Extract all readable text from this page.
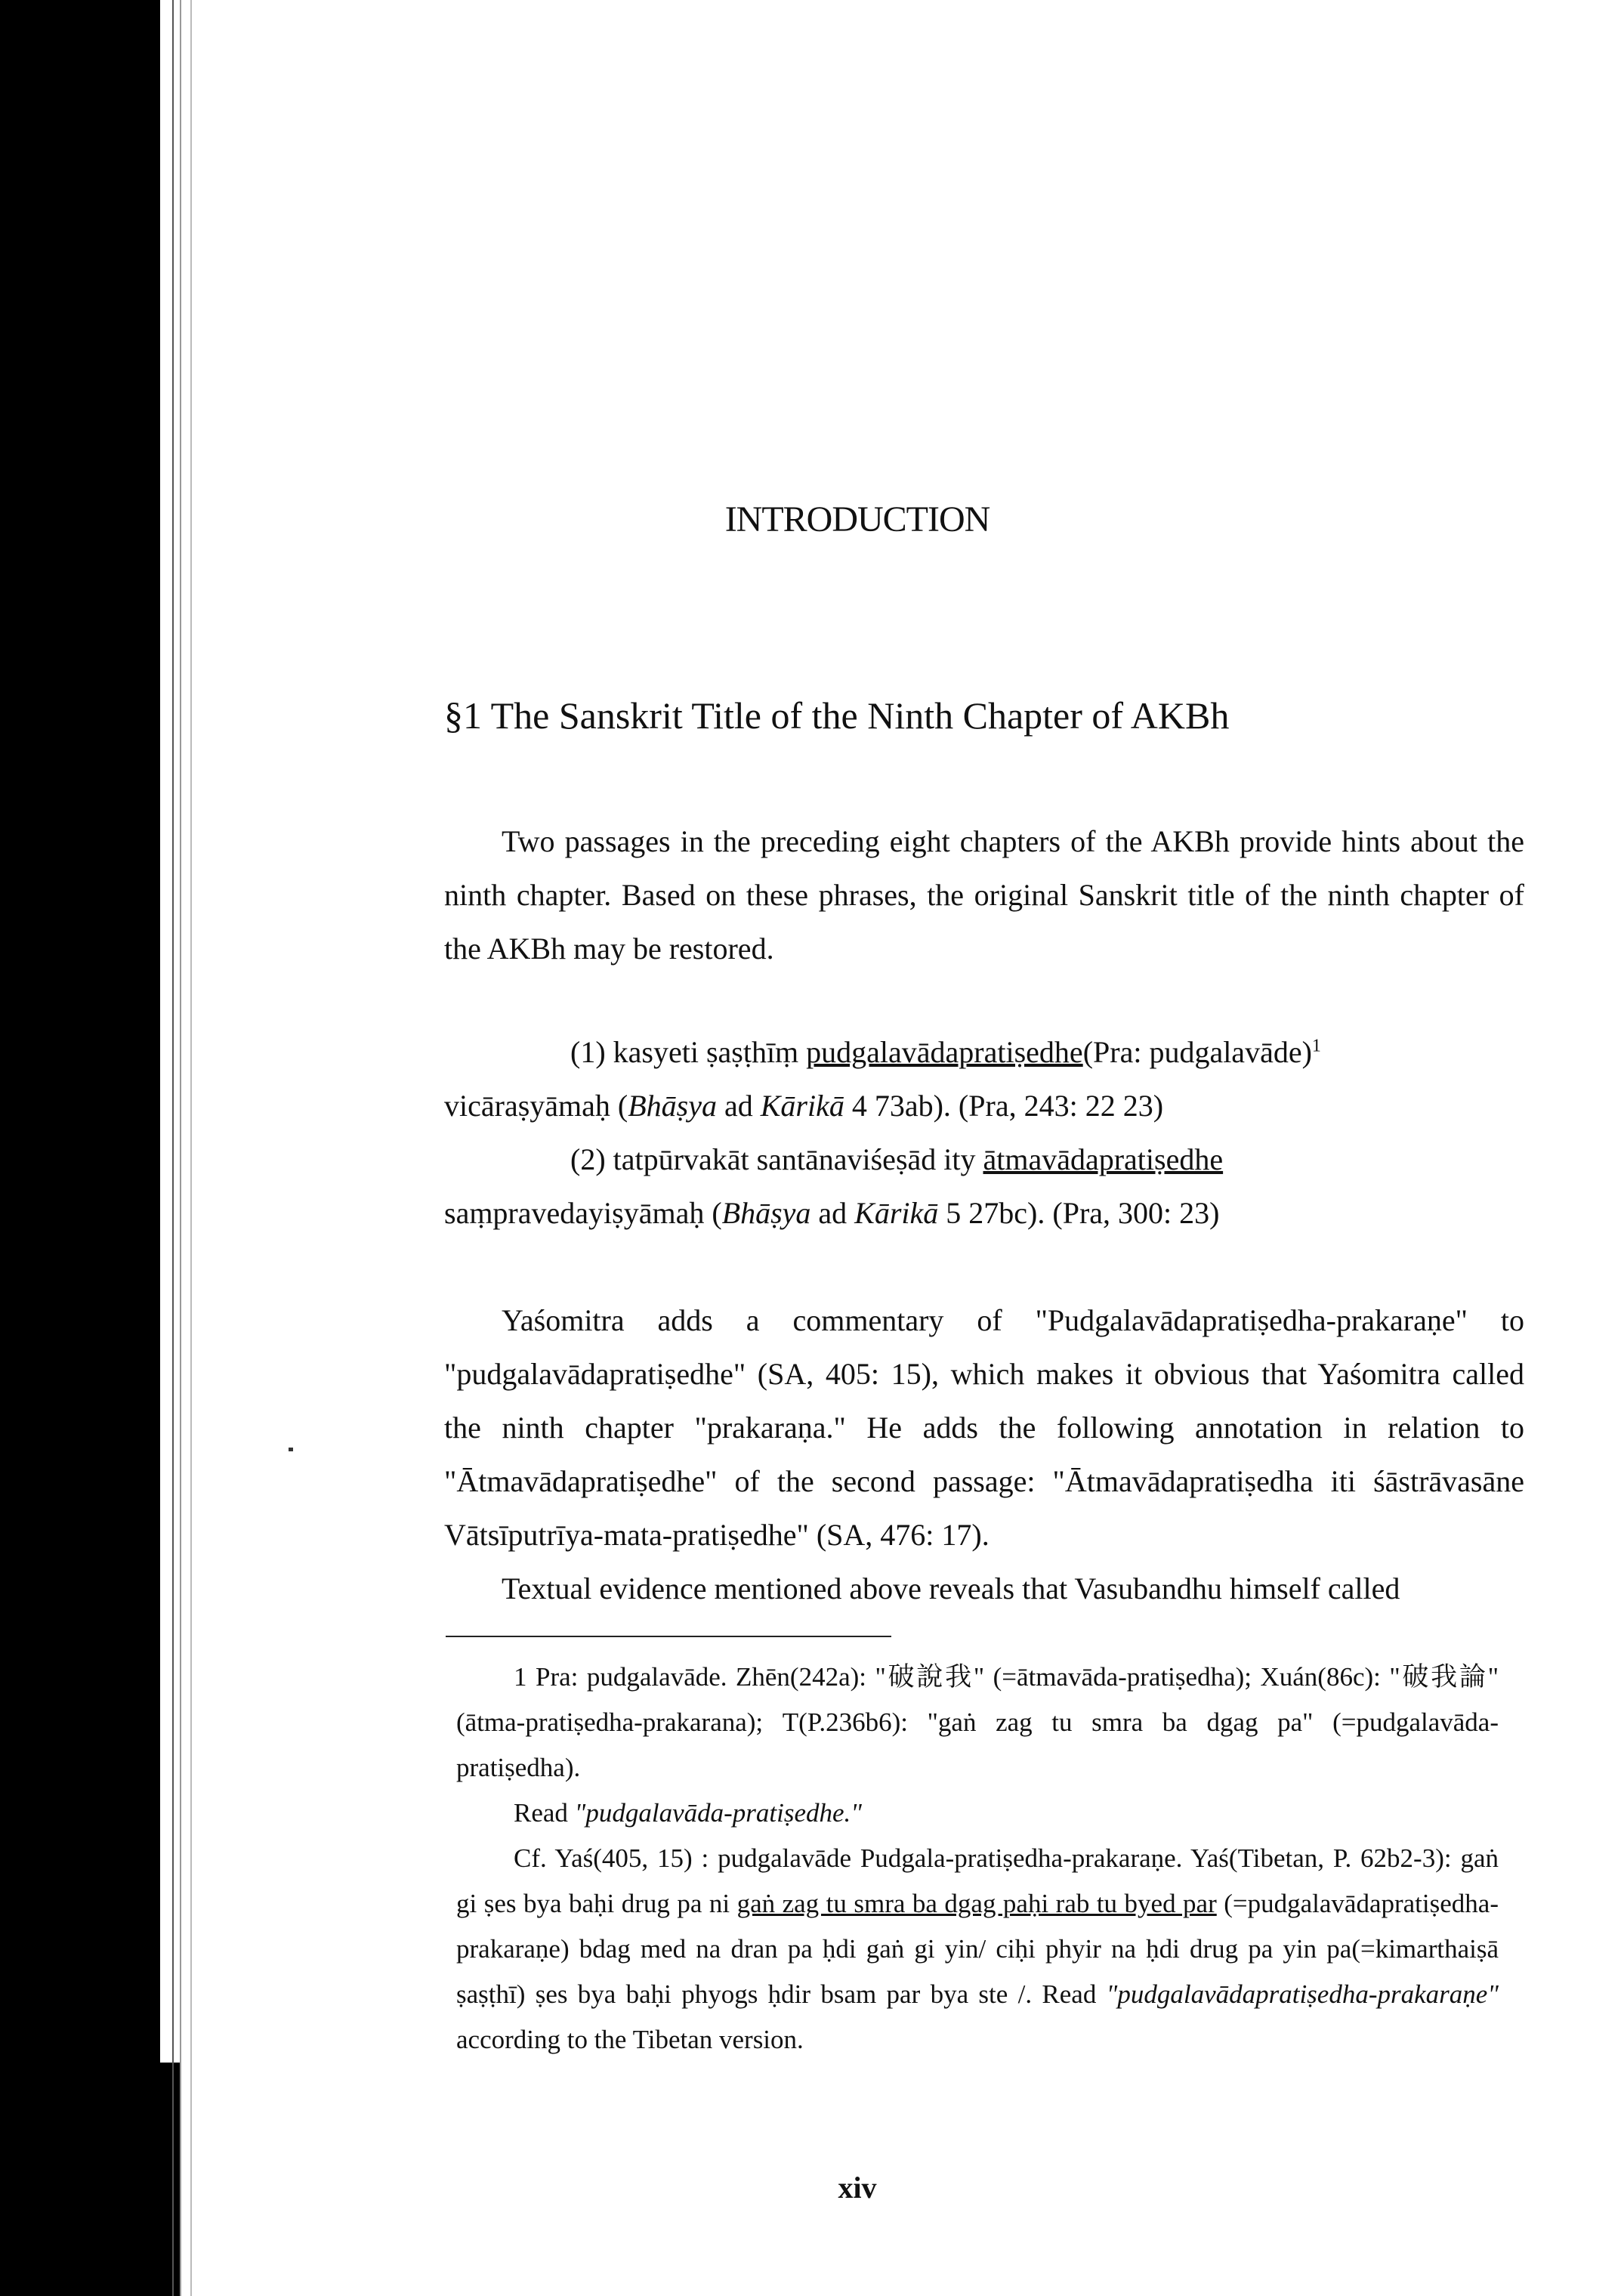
INTRODUCTION
§1 The Sanskrit Title of the Ninth Chapter of AKBh

Two passages in the preceding eight chapters of the AKBh provide hints about the ninth chapter. Based on these phrases, the original Sanskrit title of the ninth chapter of the AKBh may be restored.

(1) kasyeti ṣaṣṭhīṃ pudgalavādapratiṣedhe(Pra: pudgalavāde)$^1$

vicāraṣyāmaḥ (Bhāṣya ad Kārikā 4 73ab). (Pra, 243: 22 23)

(2) tatpūrvakāt santānaviśeṣād ity ātmavādapratiṣedhe

saṃpravedayiṣyāmaḥ (Bhāṣya ad Kārikā 5 27bc). (Pra, 300: 23)

Yaśomitra adds a commentary of "Pudgalavādapratiṣedha-prakaraṇe" to "pudgalavādapratiṣedhe" (SA, 405: 15), which makes it obvious that Yaśomitra called the ninth chapter "prakaraṇa." He adds the following annotation in relation to "Ātmavādapratiṣedhe" of the second passage: "Ātmavādapratiṣedha iti śāstrāvasāne Vātsīputrīya-mata-pratiṣedhe" (SA, 476: 17).

Textual evidence mentioned above reveals that Vasubandhu himself called

1 Pra: pudgalavāde. Zhēn(242a): "破說我" (=ātmavāda-pratiṣedha); Xuán(86c): "破我論" (ātma-pratiṣedha-prakarana); T(P.236b6): "gaṅ zag tu smra ba dgag pa" (=pudgalavāda-pratiṣedha).

Read "pudgalavāda-pratiṣedhe."

Cf. Yaś(405, 15) : pudgalavāde Pudgala-pratiṣedha-prakaraṇe. Yaś(Tibetan, P. 62b2-3): gaṅ gi ṣes bya baḥi drug pa ni gaṅ zag tu smra ba dgag paḥi rab tu byed par (=pudgalavādapratiṣedha-prakaraṇe) bdag med na dran pa ḥdi gaṅ gi yin/ ciḥi phyir na ḥdi drug pa yin pa(=kimarthaiṣā ṣaṣṭhī) ṣes bya baḥi phyogs ḥdir bsam par bya ste /. Read "pudgalavādapratiṣedha-prakaraṇe" according to the Tibetan version.

xiv
